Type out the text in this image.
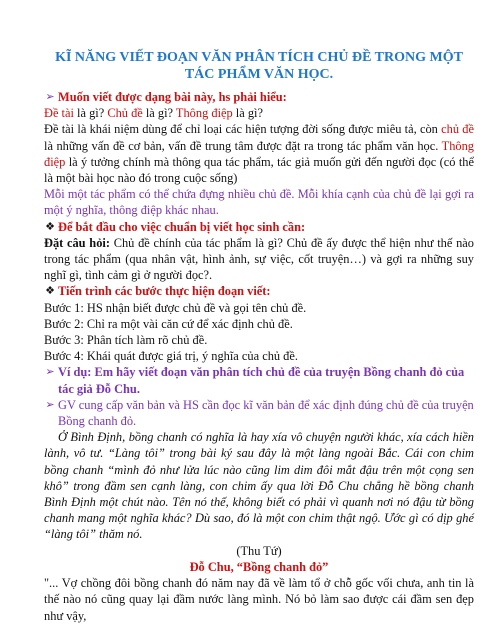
KĨ NĂNG VIẾT ĐOẠN VĂN PHÂN TÍCH CHỦ ĐỀ TRONG MỘT
TÁC PHẨM VĂN HỌC.
➢ Muốn viết được dạng bài này, hs phải hiểu:

Đề tài là gì? Chủ đề là gì? Thông điệp là gì?

Đề tài là khái niệm dùng để chỉ loại các hiện tượng đời sống được miêu tả, còn chủ đề là những vấn đề cơ bản, vấn đề trung tâm được đặt ra trong tác phẩm văn học. Thông điệp là ý tưởng chính mà thông qua tác phẩm, tác giả muốn gửi đến người đọc (có thể là một bài học nào đó trong cuộc sống)

Mỗi một tác phẩm có thể chứa đựng nhiều chủ đề. Mỗi khía cạnh của chủ đề lại gợi ra một ý nghĩa, thông điệp khác nhau.

❖ Để bắt đầu cho việc chuẩn bị viết học sinh cần:

Đặt câu hỏi: Chủ đề chính của tác phẩm là gì? Chủ đề ấy được thể hiện như thế nào trong tác phẩm (qua nhân vật, hình ảnh, sự việc, cốt truyện…) và gợi ra những suy nghĩ gì, tình cảm gì ở người đọc?.

❖ Tiến trình các bước thực hiện đoạn viết:

Bước 1: HS nhận biết được chủ đề và gọi tên chủ đề.

Bước 2: Chỉ ra một vài căn cứ để xác định chủ đề.

Bước 3: Phân tích làm rõ chủ đề.

Bước 4: Khái quát được giá trị, ý nghĩa của chủ đề.

➢ Ví dụ: Em hãy viết đoạn văn phân tích chủ đề của truyện Bồng chanh đỏ của tác giả Đỗ Chu.
➢ GV cung cấp văn bản và HS cần đọc kĩ văn bản để xác định đúng chủ đề của truyện Bồng chanh đỏ.

Ở Bình Định, bồng chanh có nghĩa là hay xía vô chuyện người khác, xía cách hiền lành, vô tư. “Làng tôi” trong bài ký sau đây là một làng ngoài Bắc. Cái con chim bồng chanh “mình đỏ như lửa lúc nào cũng lim dim đôi mắt đậu trên một cọng sen khô” trong đầm sen cạnh làng, con chim ấy qua lời Đỗ Chu chẳng hề bồng chanh Bình Định một chút nào. Tên nó thế, không biết có phải vì quanh nơi nó đậu từ bồng chanh mang một nghĩa khác? Dù sao, đó là một con chim thật ngộ. Ước gì có dịp ghé “làng tôi” thăm nó.

(Thu Tứ)

Đỗ Chu, “Bồng chanh đỏ”

"... Vợ chồng đôi bồng chanh đó năm nay đã về làm tổ ở chỗ gốc vối chưa, anh tin là thế nào nó cũng quay lại đầm nước làng mình. Nó bỏ làm sao được cái đầm sen đẹp như vậy,
